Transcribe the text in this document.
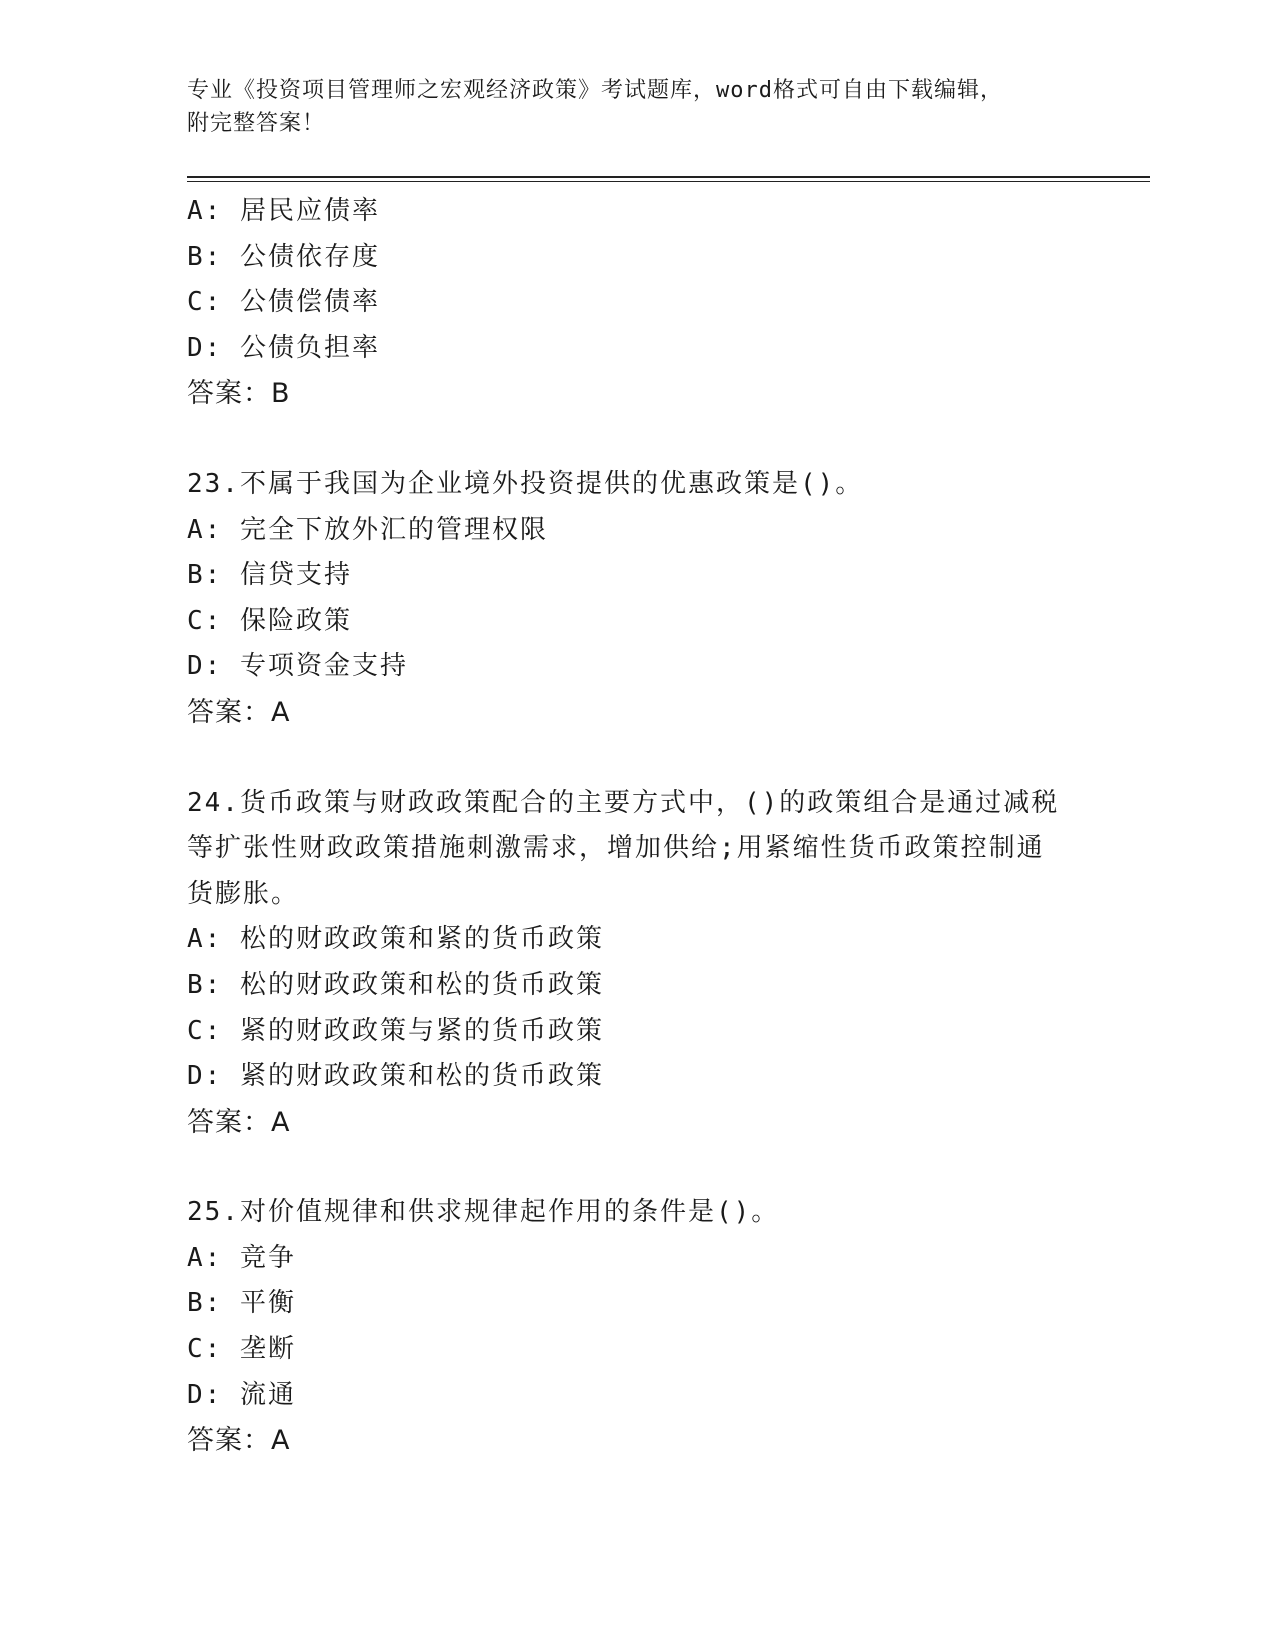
专业《投资项目管理师之宏观经济政策》考试题库，word格式可自由下载编辑，
附完整答案！
A: 居民应债率
B: 公债依存度
C: 公债偿债率
D: 公债负担率
答案：B
23.不属于我国为企业境外投资提供的优惠政策是()。
A: 完全下放外汇的管理权限
B: 信贷支持
C: 保险政策
D: 专项资金支持
答案：A
24.货币政策与财政政策配合的主要方式中，()的政策组合是通过减税
等扩张性财政政策措施刺激需求，增加供给;用紧缩性货币政策控制通
货膨胀。
A: 松的财政政策和紧的货币政策
B: 松的财政政策和松的货币政策
C: 紧的财政政策与紧的货币政策
D: 紧的财政政策和松的货币政策
答案：A
25.对价值规律和供求规律起作用的条件是()。
A: 竞争
B: 平衡
C: 垄断
D: 流通
答案：A
